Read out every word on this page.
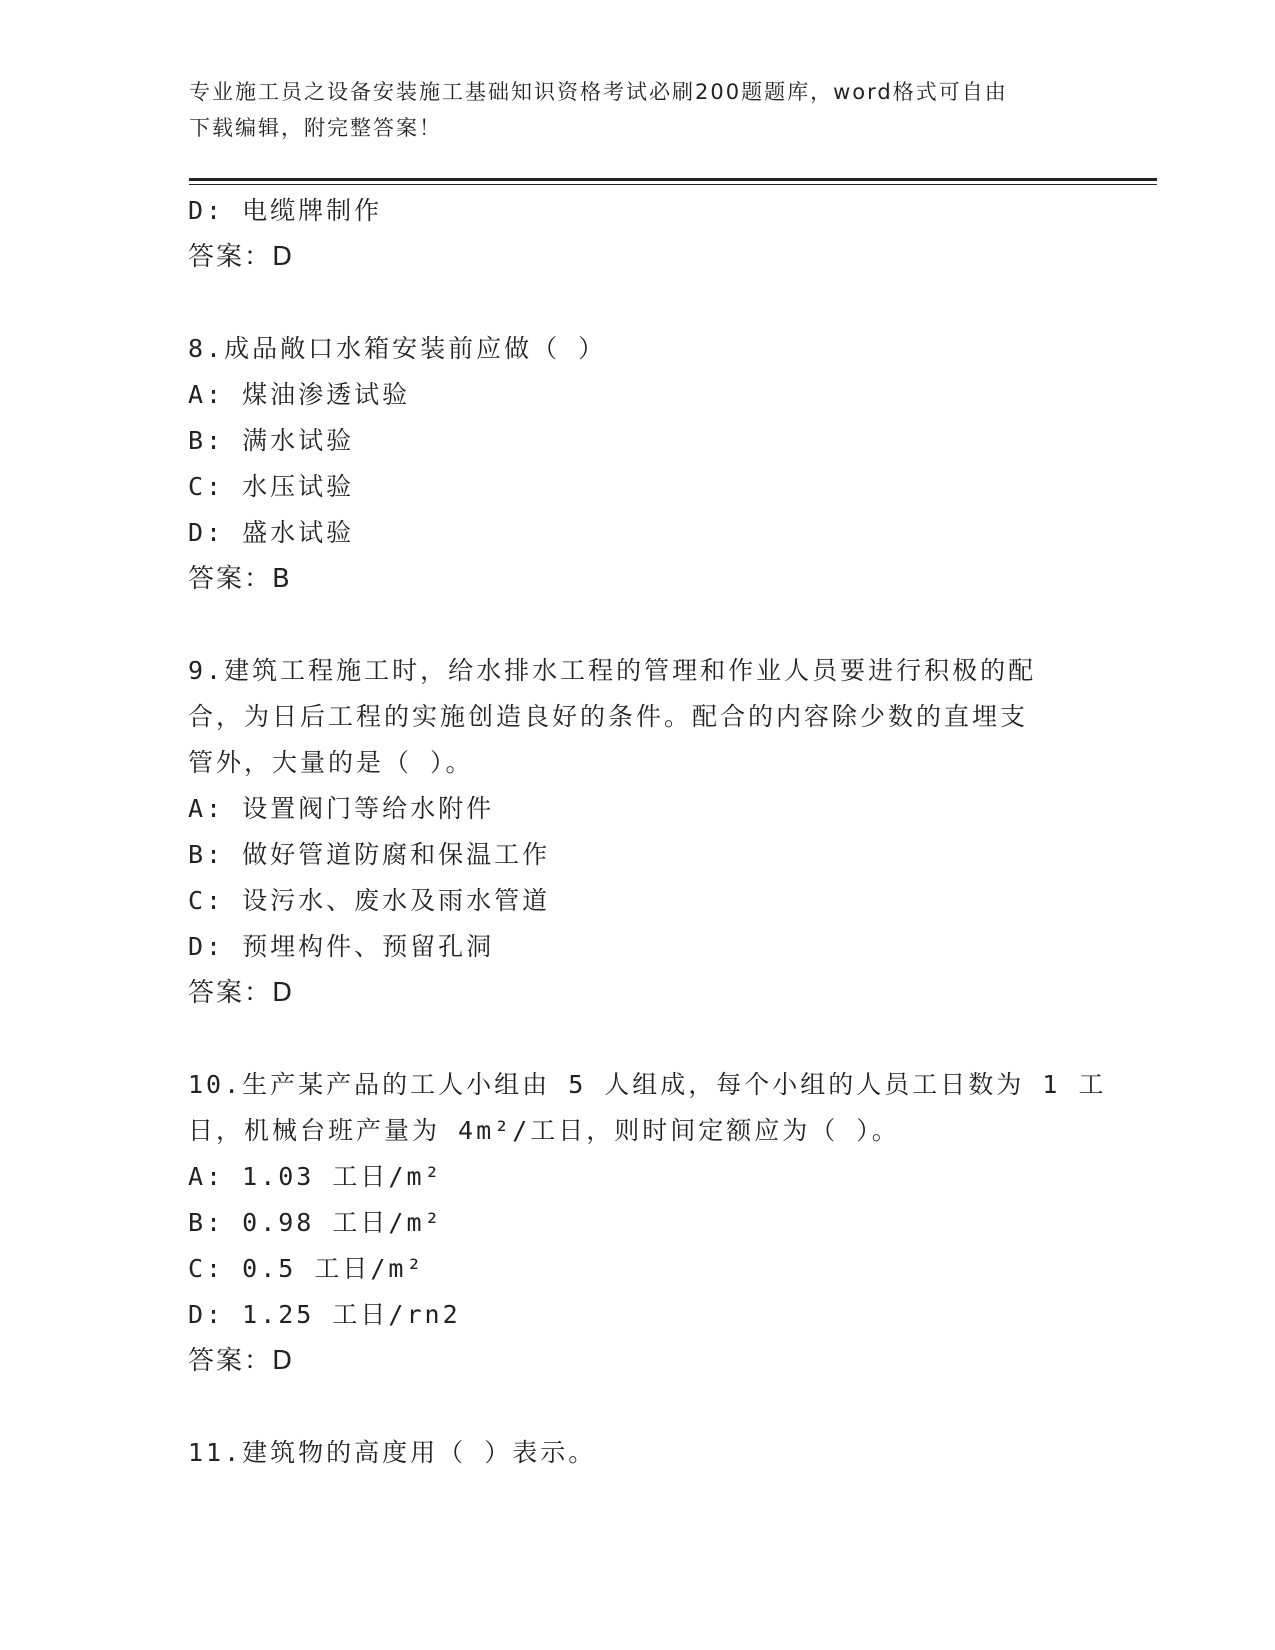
专业施工员之设备安装施工基础知识资格考试必刷200题题库，word格式可自由
下载编辑，附完整答案！
D: 电缆牌制作
答案：D
8.成品敞口水箱安装前应做（ ）
A: 煤油渗透试验
B: 满水试验
C: 水压试验
D: 盛水试验
答案：B
9.建筑工程施工时，给水排水工程的管理和作业人员要进行积极的配
合，为日后工程的实施创造良好的条件。配合的内容除少数的直埋支
管外，大量的是（ ）。
A: 设置阀门等给水附件
B: 做好管道防腐和保温工作
C: 设污水、废水及雨水管道
D: 预埋构件、预留孔洞
答案：D
10.生产某产品的工人小组由 5 人组成，每个小组的人员工日数为 1 工
日，机械台班产量为 4m²/工日，则时间定额应为（ ）。
A: 1.03 工日/m²
B: 0.98 工日/m²
C: 0.5 工日/m²
D: 1.25 工日/rn2
答案：D
11.建筑物的高度用（ ）表示。
